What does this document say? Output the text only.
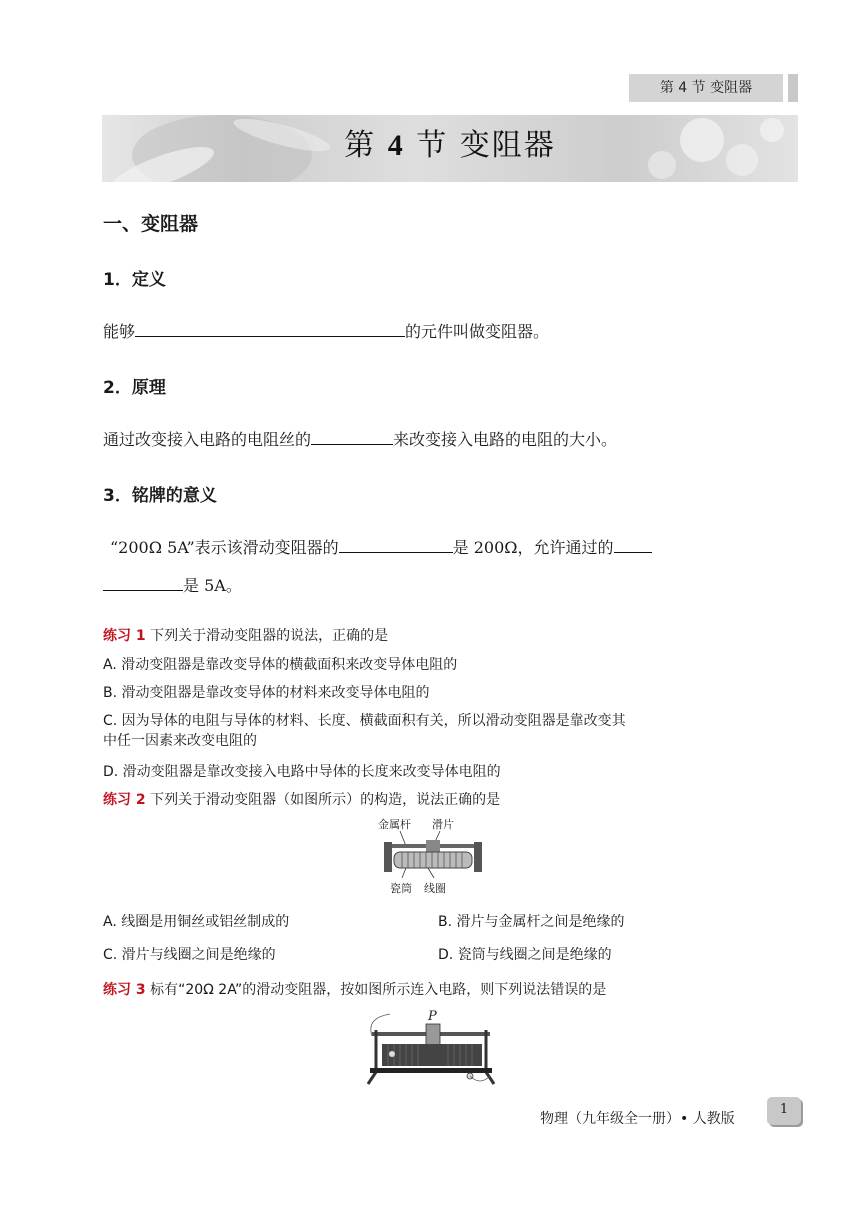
第 4 节 变阻器
第 4 节 变阻器
一、变阻器
1．定义
能够	的元件叫做变阻器。
2．原理
通过改变接入电路的电阻丝的	来改变接入电路的电阻的大小。
3．铭牌的意义
“200Ω 5A”表示该滑动变阻器的	是 200Ω，允许通过的
是 5A。
练习 1 下列关于滑动变阻器的说法，正确的是
A. 滑动变阻器是靠改变导体的横截面积来改变导体电阻的
B. 滑动变阻器是靠改变导体的材料来改变导体电阻的
C. 因为导体的电阻与导体的材料、长度、横截面积有关，所以滑动变阻器是靠改变其
中任一因素来改变电阻的
D. 滑动变阻器是靠改变接入电路中导体的长度来改变导体电阻的
练习 2 下列关于滑动变阻器（如图所示）的构造，说法正确的是
金属杆 滑片
瓷筒 线圈
A. 线圈是用铜丝或铝丝制成的	B. 滑片与金属杆之间是绝缘的
C. 滑片与线圈之间是绝缘的	D. 瓷筒与线圈之间是绝缘的
练习 3 标有“20Ω 2A”的滑动变阻器，按如图所示连入电路，则下列说法错误的是
P
物理（九年级全一册）• 人教版
1
